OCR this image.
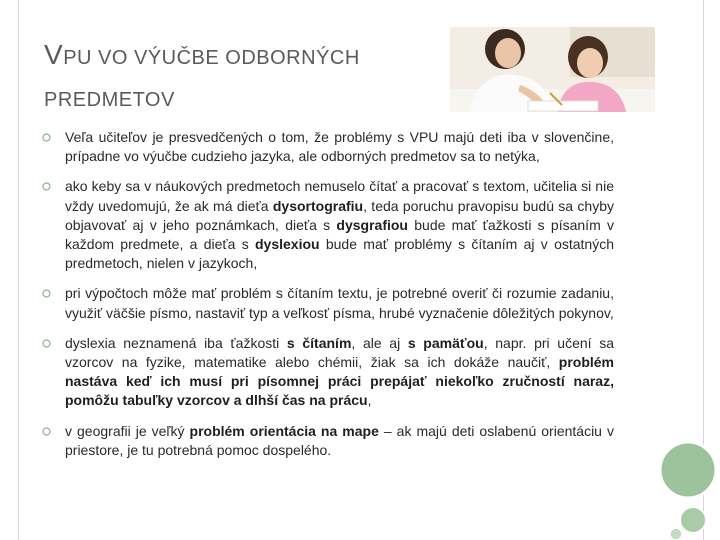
VPU VO VÝUČBE ODBORNÝCH
PREDMETOV
Veľa učiteľov je presvedčených o tom, že problémy s VPU majú deti iba v slovenčine, prípadne vo výučbe cudzieho jazyka, ale odborných predmetov sa to netýka,
ako keby sa v náukových predmetoch nemuselo čítať a pracovať s textom, učitelia si nie vždy uvedomujú, že ak má dieťa dysortografiu, teda poruchu pravopisu budú sa chyby objavovať aj v jeho poznámkach, dieťa s dysgrafiou bude mať ťažkosti s písaním v každom predmete, a dieťa s dyslexiou bude mať problémy s čítaním aj v ostatných predmetoch, nielen v jazykoch,
pri výpočtoch môže mať problém s čítaním textu, je potrebné overiť či rozumie zadaniu, využiť väčšie písmo, nastaviť typ a veľkosť písma, hrubé vyznačenie dôležitých pokynov,
dyslexia neznamená iba ťažkosti s čítaním, ale aj s pamäťou, napr. pri učení sa vzorcov na fyzike, matematike alebo chémii, žiak sa ich dokáže naučiť, problém nastáva keď ich musí pri písomnej práci prepájať niekoľko zručností naraz, pomôžu tabuľky vzorcov a dlhší čas na prácu,
v geografii je veľký problém orientácia na mape – ak majú deti oslabenú orientáciu v priestore, je tu potrebná pomoc dospelého.
